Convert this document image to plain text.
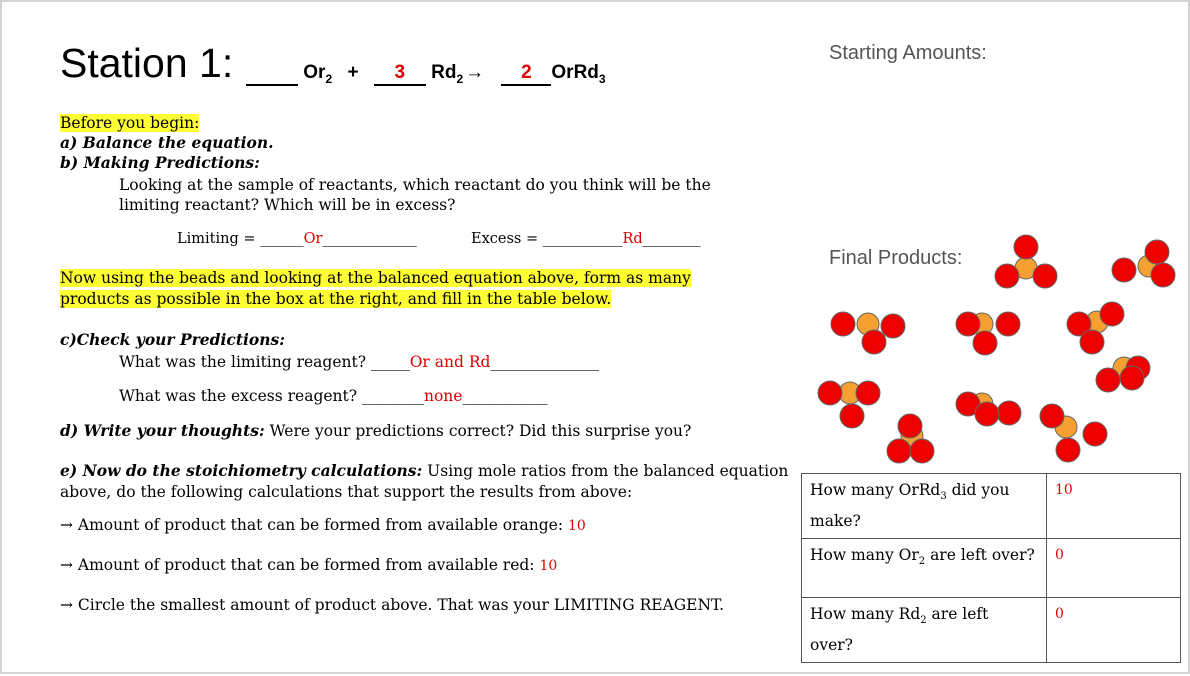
Station 1:	$Or_2 + 3$ $Rd_2 \to 2$ OrRd$_3$
Before you begin:
a) Balance the equation.
b) Making Predictions:
Looking at the sample of reactants, which reactant do you think will be the
limiting reactant? Which will be in excess?
Limiting = ______Or_____________	Excess = ___________Rd________
Now using the beads and looking at the balanced equation above, form as many
products as possible in the box at the right, and fill in the table below.
c)Check your Predictions:
What was the limiting reagent? _____Or and Rd______________
What was the excess reagent? ________none___________
d) Write your thoughts: Were your predictions correct? Did this surprise you?
e) Now do the stoichiometry calculations: Using mole ratios from the balanced equation
above, do the following calculations that support the results from above:
→ Amount of product that can be formed from available orange: 10
→ Amount of product that can be formed from available red: 10
→ Circle the smallest amount of product above. That was your LIMITING REAGENT.
Starting Amounts:
Final Products:
How many OrRd$_3$ did you
make?	10
How many $Or_2$ are left over?	0
How many $Rd_2$ are left
over?	0
